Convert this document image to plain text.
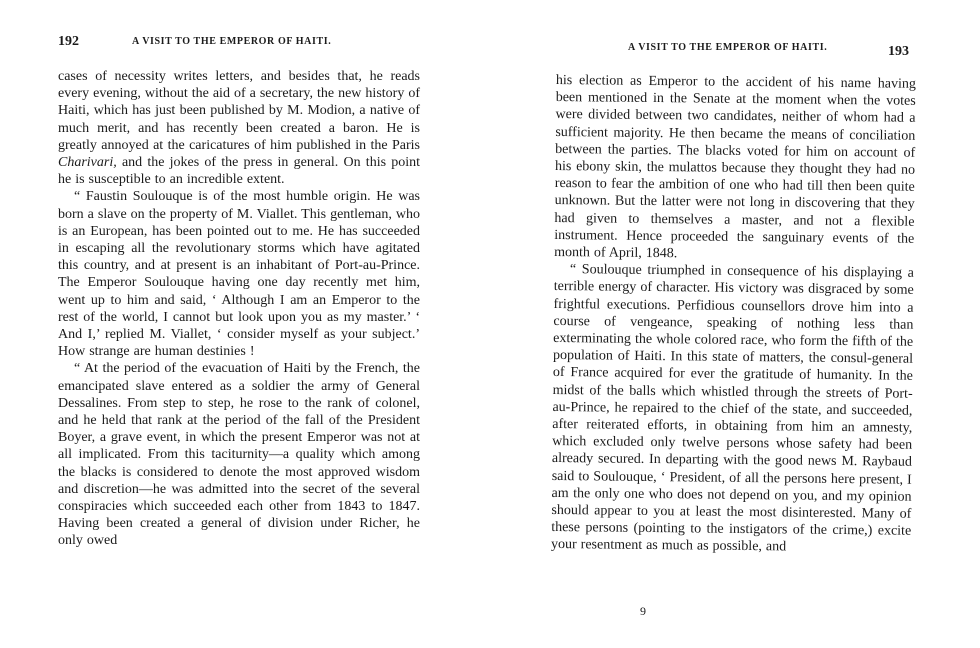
192	A VISIT TO THE EMPEROR OF HAITI.

cases of necessity writes letters, and besides that, he reads every evening, without the aid of a secretary, the new history of Haiti, which has just been published by M. Modion, a native of much merit, and has recently been created a baron. He is greatly annoyed at the caricatures of him published in the Paris Charivari, and the jokes of the press in general. On this point he is susceptible to an incredible extent.

“ Faustin Soulouque is of the most humble origin. He was born a slave on the property of M. Viallet. This gentleman, who is an European, has been pointed out to me. He has succeeded in escaping all the revolutionary storms which have agitated this country, and at present is an inhabitant of Port-au-Prince. The Emperor Soulouque having one day recently met him, went up to him and said, ‘ Although I am an Emperor to the rest of the world, I cannot but look upon you as my master.’ ‘ And I,’ replied M. Viallet, ‘ consider myself as your subject.’ How strange are human destinies !

“ At the period of the evacuation of Haiti by the French, the emancipated slave entered as a soldier the army of General Dessalines. From step to step, he rose to the rank of colonel, and he held that rank at the period of the fall of the President Boyer, a grave event, in which the present Emperor was not at all implicated. From this taciturnity—a quality which among the blacks is considered to denote the most approved wisdom and discretion—he was admitted into the secret of the several conspiracies which succeeded each other from 1843 to 1847. Having been created a general of division under Richer, he only owed

A VISIT TO THE EMPEROR OF HAITI.	193

his election as Emperor to the accident of his name having been mentioned in the Senate at the moment when the votes were divided between two candidates, neither of whom had a sufficient majority. He then became the means of conciliation between the parties. The blacks voted for him on account of his ebony skin, the mulattos because they thought they had no reason to fear the ambition of one who had till then been quite unknown. But the latter were not long in discovering that they had given to themselves a master, and not a flexible instrument. Hence proceeded the sanguinary events of the month of April, 1848.

“ Soulouque triumphed in consequence of his displaying a terrible energy of character. His victory was disgraced by some frightful executions. Perfidious counsellors drove him into a course of vengeance, speaking of nothing less than exterminating the whole colored race, who form the fifth of the population of Haiti. In this state of matters, the consul-general of France acquired for ever the gratitude of humanity. In the midst of the balls which whistled through the streets of Port-au-Prince, he repaired to the chief of the state, and succeeded, after reiterated efforts, in obtaining from him an amnesty, which excluded only twelve persons whose safety had been already secured. In departing with the good news M. Raybaud said to Soulouque, ‘ President, of all the persons here present, I am the only one who does not depend on you, and my opinion should appear to you at least the most disinterested. Many of these persons (pointing to the instigators of the crime,) excite your resentment as much as possible, and

9
